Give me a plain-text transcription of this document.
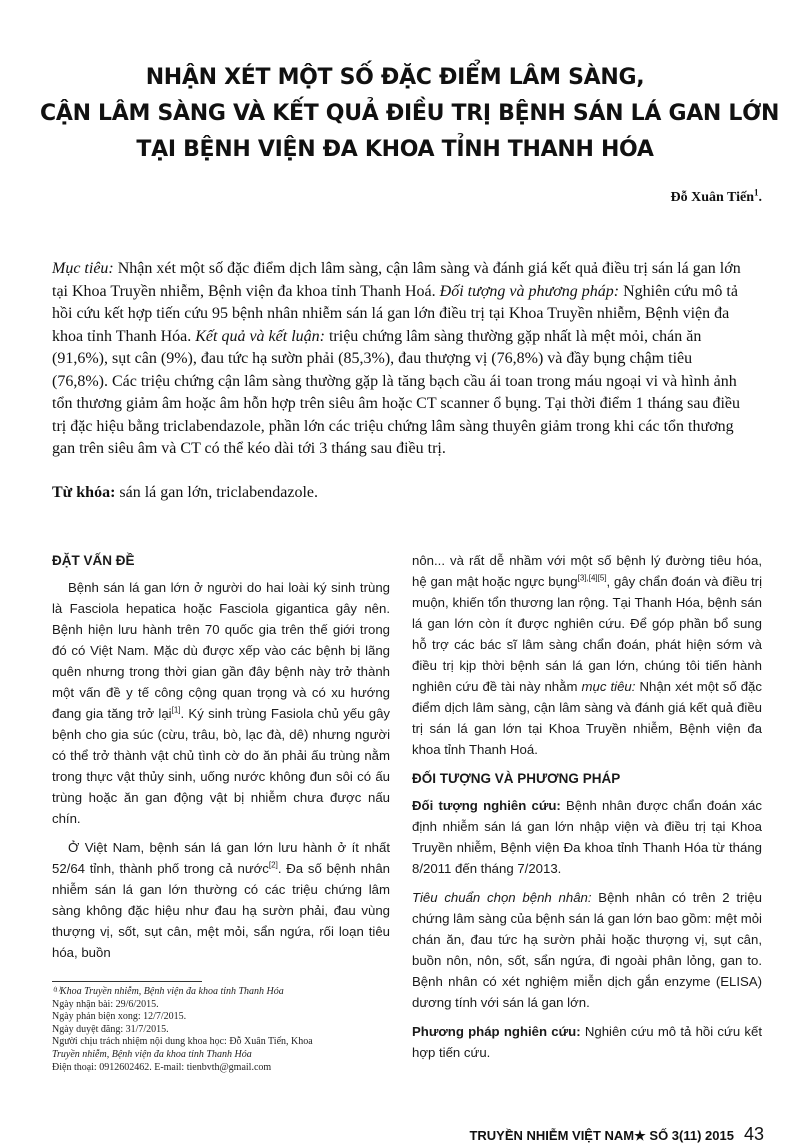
NHẬN XÉT MỘT SỐ ĐẶC ĐIỂM LÂM SÀNG,
CẬN LÂM SÀNG VÀ KẾT QUẢ ĐIỀU TRỊ BỆNH SÁN LÁ GAN LỚN
TẠI BỆNH VIỆN ĐA KHOA TỈNH THANH HÓA
Đỗ Xuân Tiến$^1$.
Mục tiêu: Nhận xét một số đặc điểm dịch lâm sàng, cận lâm sàng và đánh giá kết quả điều trị sán lá gan lớn tại Khoa Truyền nhiễm, Bệnh viện đa khoa tỉnh Thanh Hoá. Đối tượng và phương pháp: Nghiên cứu mô tả hồi cứu kết hợp tiến cứu 95 bệnh nhân nhiễm sán lá gan lớn điều trị tại Khoa Truyền nhiễm, Bệnh viện đa khoa tỉnh Thanh Hóa. Kết quả và kết luận: triệu chứng lâm sàng thường gặp nhất là mệt mỏi, chán ăn (91,6%), sụt cân (9%), đau tức hạ sườn phải (85,3%), đau thượng vị (76,8%) và đầy bụng chậm tiêu (76,8%). Các triệu chứng cận lâm sàng thường gặp là tăng bạch cầu ái toan trong máu ngoại vi và hình ảnh tổn thương giảm âm hoặc âm hỗn hợp trên siêu âm hoặc CT scanner ổ bụng. Tại thời điểm 1 tháng sau điều trị đặc hiệu bằng triclabendazole, phần lớn các triệu chứng lâm sàng thuyên giảm trong khi các tổn thương gan trên siêu âm và CT có thể kéo dài tới 3 tháng sau điều trị.
Từ khóa: sán lá gan lớn, triclabendazole.
ĐẶT VẤN ĐỀ

Bệnh sán lá gan lớn ở người do hai loài ký sinh trùng là Fasciola hepatica hoặc Fasciola gigantica gây nên. Bệnh hiện lưu hành trên 70 quốc gia trên thế giới trong đó có Việt Nam. Mặc dù được xếp vào các bệnh bị lãng quên nhưng trong thời gian gần đây bệnh này trở thành một vấn đề y tế công cộng quan trọng và có xu hướng đang gia tăng trở lại[1]. Ký sinh trùng Fasiola chủ yếu gây bệnh cho gia súc (cừu, trâu, bò, lạc đà, dê) nhưng người có thể trở thành vật chủ tình cờ do ăn phải ấu trùng nằm trong thực vật thủy sinh, uống nước không đun sôi có ấu trùng hoặc ăn gan động vật bị nhiễm chưa được nấu chín.

Ở Việt Nam, bệnh sán lá gan lớn lưu hành ở ít nhất 52/64 tỉnh, thành phố trong cả nước[2]. Đa số bệnh nhân nhiễm sán lá gan lớn thường có các triệu chứng lâm sàng không đặc hiệu như đau hạ sườn phải, đau vùng thượng vị, sốt, sụt cân, mệt mỏi, sẩn ngứa, rối loạn tiêu hóa, buồn

nôn... và rất dễ nhầm với một số bệnh lý đường tiêu hóa, hệ gan mật hoặc ngực bụng[3],[4][5], gây chẩn đoán và điều trị muộn, khiến tổn thương lan rộng. Tại Thanh Hóa, bệnh sán lá gan lớn còn ít được nghiên cứu. Để góp phần bổ sung hỗ trợ các bác sĩ lâm sàng chẩn đoán, phát hiện sớm và điều trị kịp thời bệnh sán lá gan lớn, chúng tôi tiến hành nghiên cứu đề tài này nhằm mục tiêu: Nhận xét một số đặc điểm dịch lâm sàng, cận lâm sàng và đánh giá kết quả điều trị sán lá gan lớn tại Khoa Truyền nhiễm, Bệnh viện đa khoa tỉnh Thanh Hoá.

ĐỐI TƯỢNG VÀ PHƯƠNG PHÁP

Đối tượng nghiên cứu: Bệnh nhân được chẩn đoán xác định nhiễm sán lá gan lớn nhập viện và điều trị tại Khoa Truyền nhiễm, Bệnh viện Đa khoa tỉnh Thanh Hóa từ tháng 8/2011 đến tháng 7/2013.

Tiêu chuẩn chọn bệnh nhân: Bệnh nhân có trên 2 triệu chứng lâm sàng của bệnh sán lá gan lớn bao gồm: mệt mỏi chán ăn, đau tức hạ sườn phải hoặc thượng vị, sụt cân, buồn nôn, nôn, sốt, sẩn ngứa, đi ngoài phân lỏng, gan to. Bệnh nhân có xét nghiệm miễn dịch gắn enzyme (ELISA) dương tính với sán lá gan lớn.

Phương pháp nghiên cứu: Nghiên cứu mô tả hồi cứu kết hợp tiến cứu.

⁽¹⁾Khoa Truyền nhiễm, Bệnh viện đa khoa tỉnh Thanh Hóa
Ngày nhận bài: 29/6/2015.
Ngày phản biện xong: 12/7/2015.
Ngày duyệt đăng: 31/7/2015.
Người chịu trách nhiệm nội dung khoa học: Đỗ Xuân Tiến, Khoa
Truyền nhiễm, Bệnh viện đa khoa tỉnh Thanh Hóa
Điện thoại: 0912602462. E-mail: tienbvth@gmail.com
TRUYỀN NHIỄM VIỆT NAM★ SỐ 3(11) 2015 43
